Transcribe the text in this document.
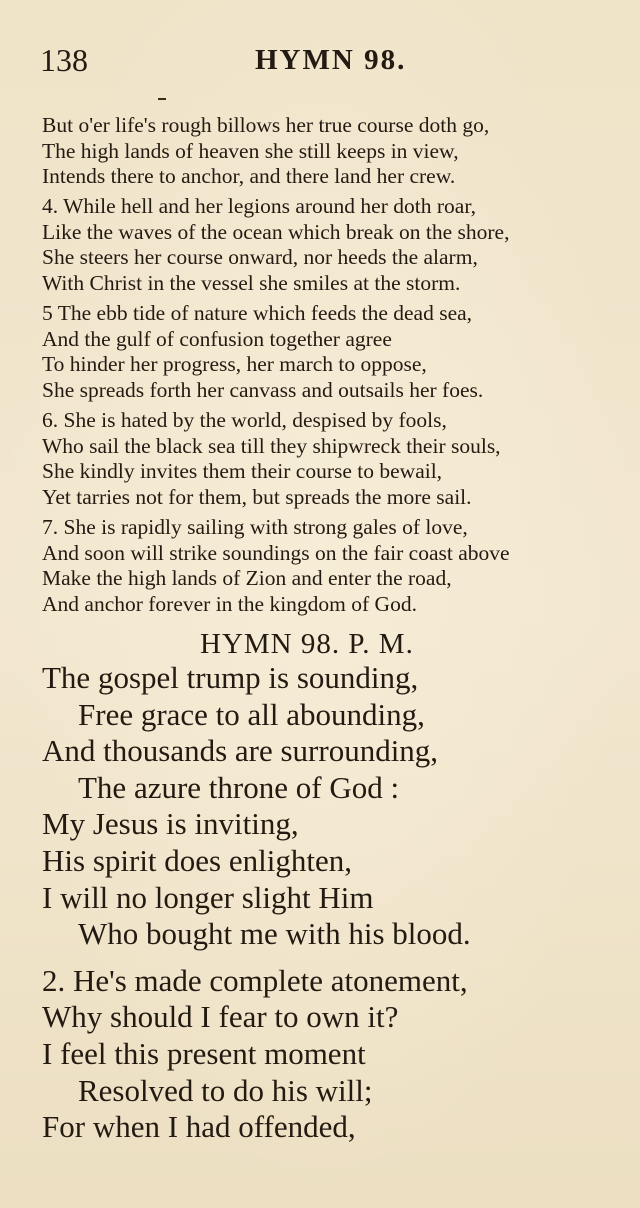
138	HYMN 98.
But o'er life's rough billows her true course doth go,
The high lands of heaven she still keeps in view,
Intends there to anchor, and there land her crew.
4. While hell and her legions around her doth roar,
Like the waves of the ocean which break on the shore,
She steers her course onward, nor heeds the alarm,
With Christ in the vessel she smiles at the storm.
5 The ebb tide of nature which feeds the dead sea,
And the gulf of confusion together agree
To hinder her progress, her march to oppose,
She spreads forth her canvass and outsails her foes.
6. She is hated by the world, despised by fools,
Who sail the black sea till they shipwreck their souls,
She kindly invites them their course to bewail,
Yet tarries not for them, but spreads the more sail.
7. She is rapidly sailing with strong gales of love,
And soon will strike soundings on the fair coast above
Make the high lands of Zion and enter the road,
And anchor forever in the kingdom of God.
HYMN 98. P. M.
The gospel trump is sounding,
Free grace to all abounding,
And thousands are surrounding,
The azure throne of God :
My Jesus is inviting,
His spirit does enlighten,
I will no longer slight Him
Who bought me with his blood.
2. He's made complete atonement,
Why should I fear to own it?
I feel this present moment
Resolved to do his will;
For when I had offended,
